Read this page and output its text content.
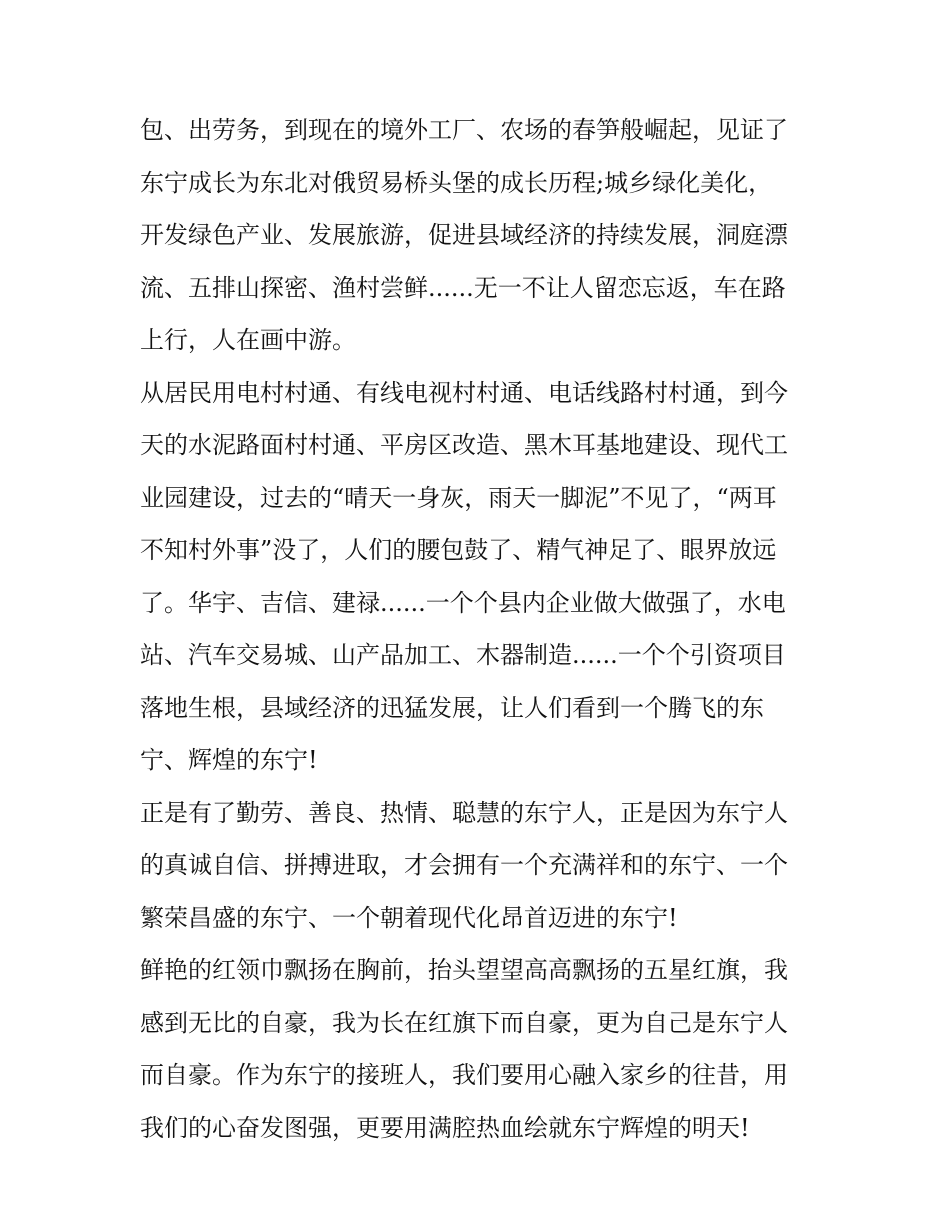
包、出劳务，到现在的境外工厂、农场的春笋般崛起，见证了
东宁成长为东北对俄贸易桥头堡的成长历程;城乡绿化美化，
开发绿色产业、发展旅游，促进县域经济的持续发展，洞庭漂
流、五排山探密、渔村尝鲜......无一不让人留恋忘返，车在路
上行，人在画中游。
从居民用电村村通、有线电视村村通、电话线路村村通，到今
天的水泥路面村村通、平房区改造、黑木耳基地建设、现代工
业园建设，过去的“晴天一身灰，雨天一脚泥”不见了，“两耳
不知村外事”没了，人们的腰包鼓了、精气神足了、眼界放远
了。华宇、吉信、建禄......一个个县内企业做大做强了，水电
站、汽车交易城、山产品加工、木器制造......一个个引资项目
落地生根，县域经济的迅猛发展，让人们看到一个腾飞的东
宁、辉煌的东宁!
正是有了勤劳、善良、热情、聪慧的东宁人，正是因为东宁人
的真诚自信、拼搏进取，才会拥有一个充满祥和的东宁、一个
繁荣昌盛的东宁、一个朝着现代化昂首迈进的东宁!
鲜艳的红领巾飘扬在胸前，抬头望望高高飘扬的五星红旗，我
感到无比的自豪，我为长在红旗下而自豪，更为自己是东宁人
而自豪。作为东宁的接班人，我们要用心融入家乡的往昔，用
我们的心奋发图强，更要用满腔热血绘就东宁辉煌的明天!
